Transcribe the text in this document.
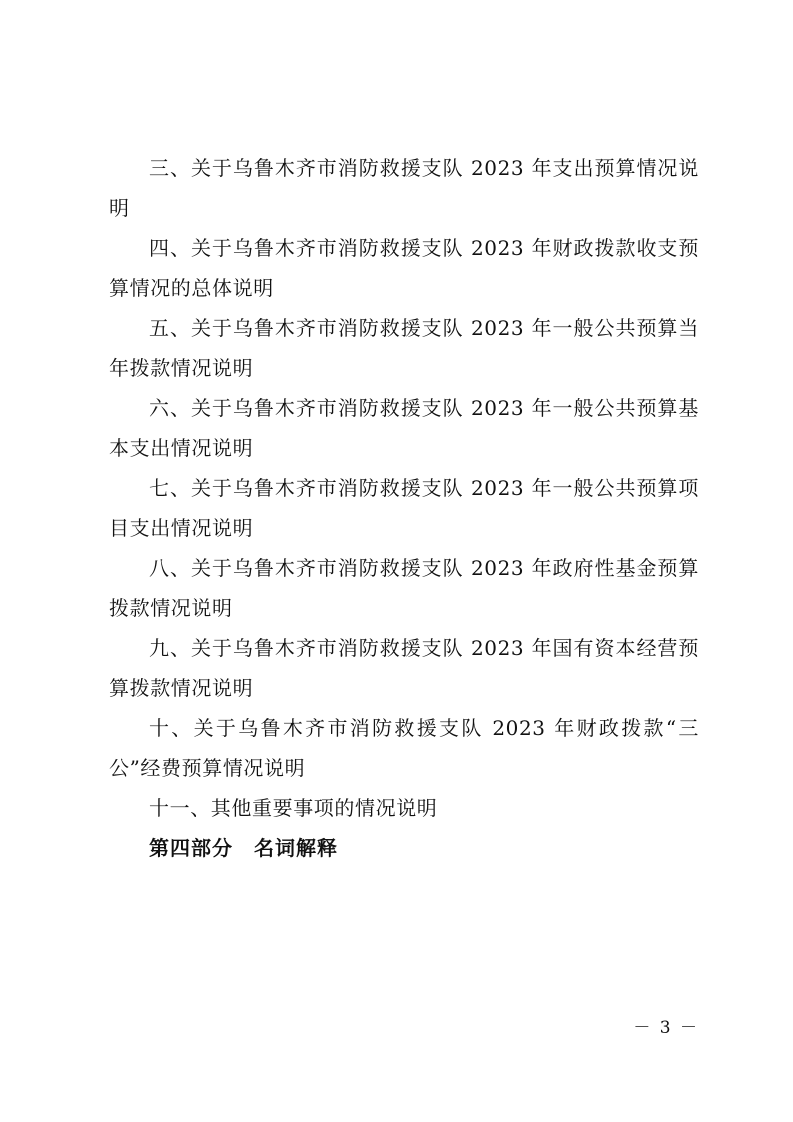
三、关于乌鲁木齐市消防救援支队 2023 年支出预算情况说明

四、关于乌鲁木齐市消防救援支队 2023 年财政拨款收支预算情况的总体说明

五、关于乌鲁木齐市消防救援支队 2023 年一般公共预算当年拨款情况说明

六、关于乌鲁木齐市消防救援支队 2023 年一般公共预算基本支出情况说明

七、关于乌鲁木齐市消防救援支队 2023 年一般公共预算项目支出情况说明

八、关于乌鲁木齐市消防救援支队 2023 年政府性基金预算拨款情况说明

九、关于乌鲁木齐市消防救援支队 2023 年国有资本经营预算拨款情况说明

十、关于乌鲁木齐市消防救援支队 2023 年财政拨款“三公”经费预算情况说明

十一、其他重要事项的情况说明

第四部分　名词解释

－ 3 －
